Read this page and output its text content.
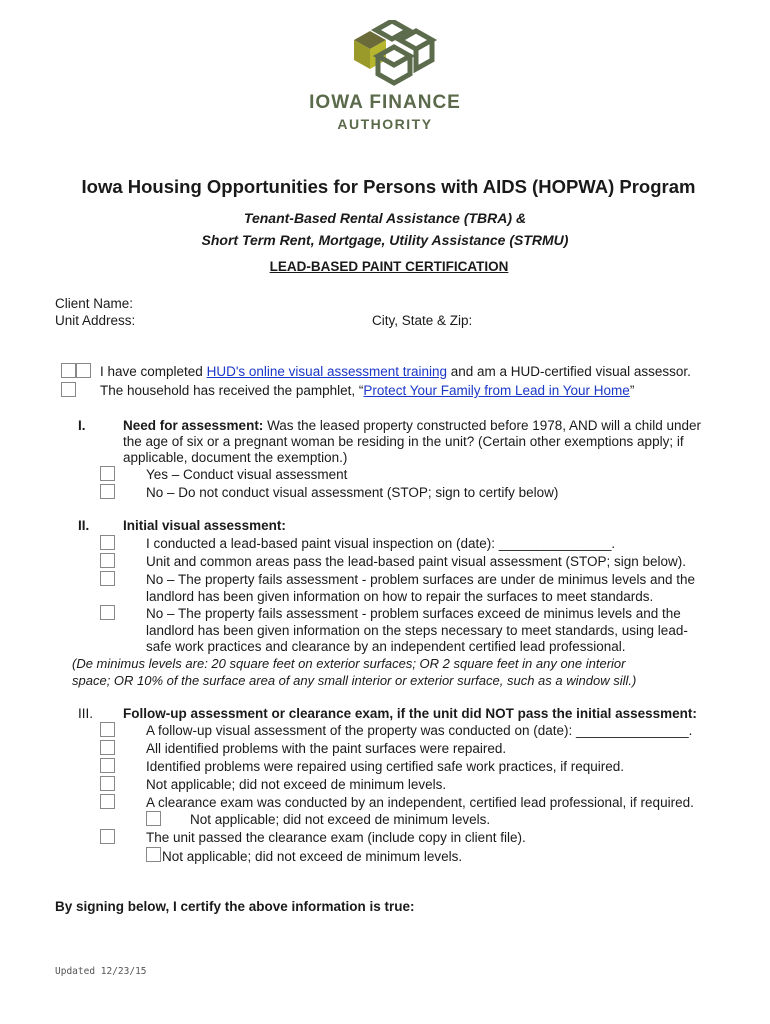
IOWA FINANCE
AUTHORITY
Iowa Housing Opportunities for Persons with AIDS (HOPWA) Program
Tenant-Based Rental Assistance (TBRA) &
Short Term Rent, Mortgage, Utility Assistance (STRMU)
LEAD-BASED PAINT CERTIFICATION
Client Name:
Unit Address:	City, State & Zip:
I have completed HUD's online visual assessment training and am a HUD-certified visual assessor.
The household has received the pamphlet, “Protect Your Family from Lead in Your Home”
I.	Need for assessment: Was the leased property constructed before 1978, AND will a child under
the age of six or a pregnant woman be residing in the unit? (Certain other exemptions apply; if
applicable, document the exemption.)
Yes – Conduct visual assessment
No – Do not conduct visual assessment (STOP; sign to certify below)
II. Initial visual assessment:
I conducted a lead-based paint visual inspection on (date): _______________.
Unit and common areas pass the lead-based paint visual assessment (STOP; sign below).
No – The property fails assessment - problem surfaces are under de minimus levels and the
landlord has been given information on how to repair the surfaces to meet standards.
No – The property fails assessment - problem surfaces exceed de minimus levels and the
landlord has been given information on the steps necessary to meet standards, using lead-
safe work practices and clearance by an independent certified lead professional.
(De minimus levels are: 20 square feet on exterior surfaces; OR 2 square feet in any one interior
space; OR 10% of the surface area of any small interior or exterior surface, such as a window sill.)
III. Follow-up assessment or clearance exam, if the unit did NOT pass the initial assessment:
A follow-up visual assessment of the property was conducted on (date): _______________.
All identified problems with the paint surfaces were repaired.
Identified problems were repaired using certified safe work practices, if required.
Not applicable; did not exceed de minimum levels.
A clearance exam was conducted by an independent, certified lead professional, if required.
Not applicable; did not exceed de minimum levels.
The unit passed the clearance exam (include copy in client file).
Not applicable; did not exceed de minimum levels.
By signing below, I certify the above information is true:
Updated 12/23/15
